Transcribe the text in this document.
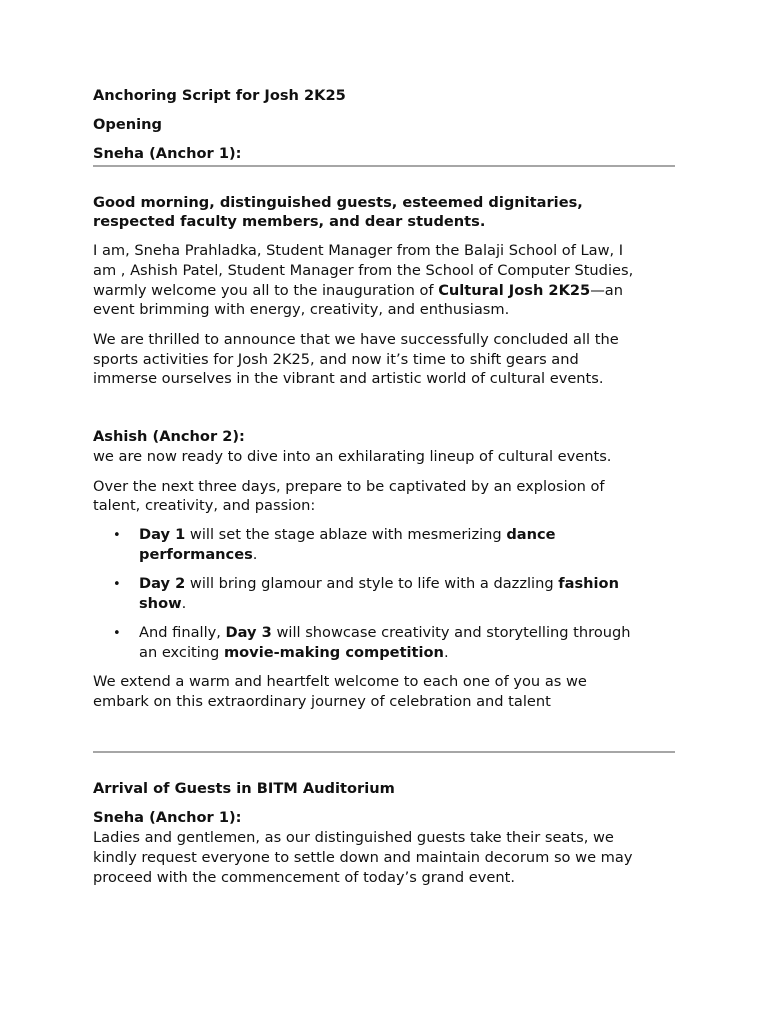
Anchoring Script for Josh 2K25
Opening
Sneha (Anchor 1):
Good morning, distinguished guests, esteemed dignitaries,
respected faculty members, and dear students.
I am, Sneha Prahladka, Student Manager from the Balaji School of Law, I
am , Ashish Patel, Student Manager from the School of Computer Studies,
warmly welcome you all to the inauguration of Cultural Josh 2K25—an
event brimming with energy, creativity, and enthusiasm.
We are thrilled to announce that we have successfully concluded all the
sports activities for Josh 2K25, and now it’s time to shift gears and
immerse ourselves in the vibrant and artistic world of cultural events.
Ashish (Anchor 2):
we are now ready to dive into an exhilarating lineup of cultural events.
Over the next three days, prepare to be captivated by an explosion of
talent, creativity, and passion:
• Day 1 will set the stage ablaze with mesmerizing dance
performances.
• Day 2 will bring glamour and style to life with a dazzling fashion
show.
• And finally, Day 3 will showcase creativity and storytelling through
an exciting movie-making competition.
We extend a warm and heartfelt welcome to each one of you as we
embark on this extraordinary journey of celebration and talent
Arrival of Guests in BITM Auditorium
Sneha (Anchor 1):
Ladies and gentlemen, as our distinguished guests take their seats, we
kindly request everyone to settle down and maintain decorum so we may
proceed with the commencement of today’s grand event.
